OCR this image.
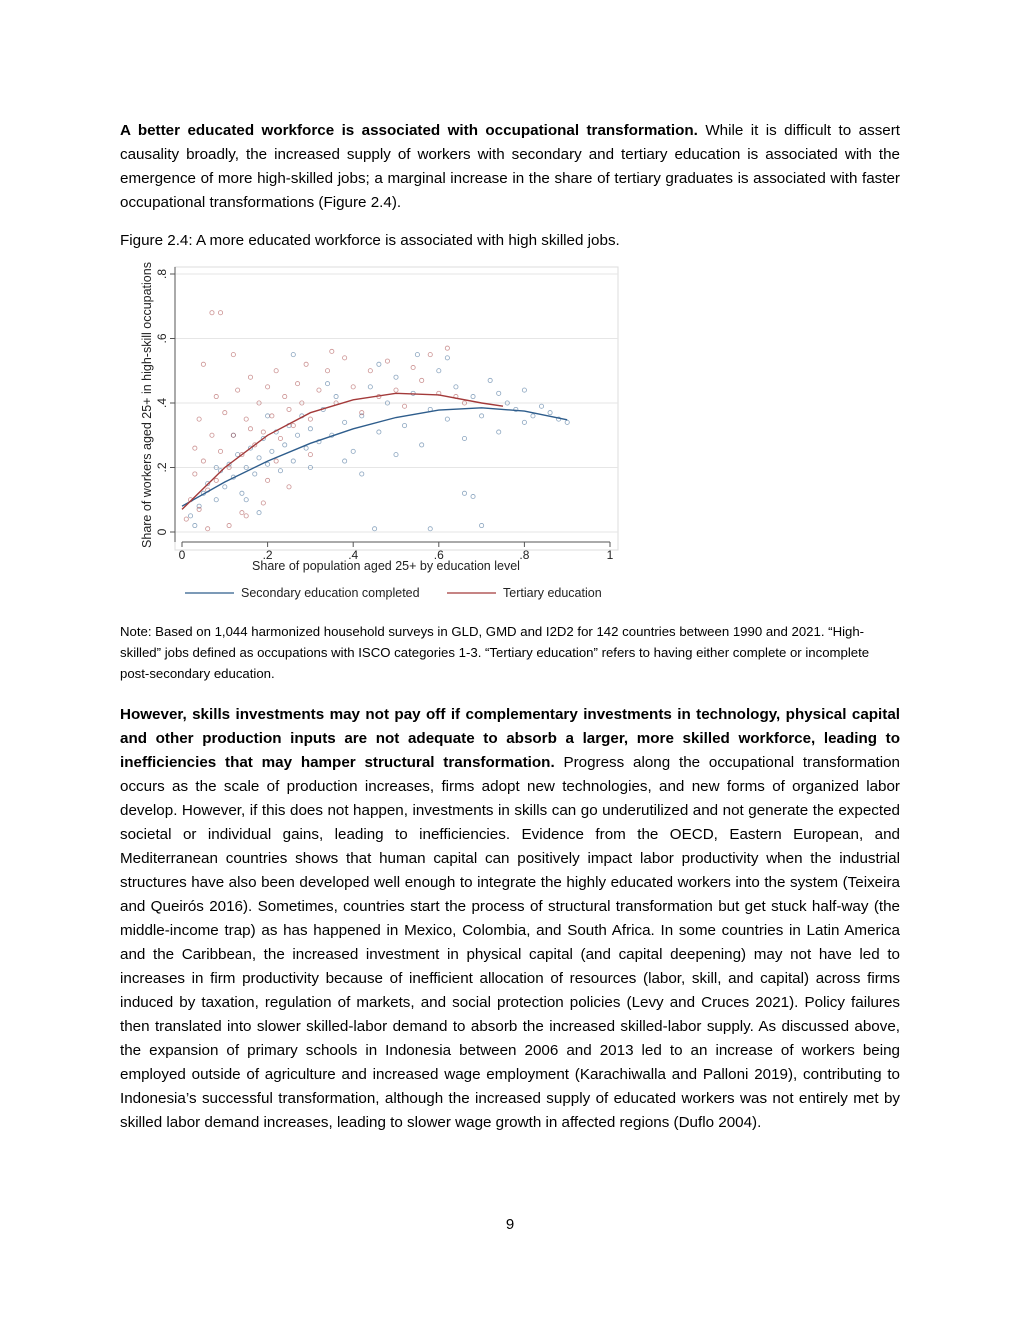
A better educated workforce is associated with occupational transformation. While it is difficult to assert causality broadly, the increased supply of workers with secondary and tertiary education is associated with the emergence of more high-skilled jobs; a marginal increase in the share of tertiary graduates is associated with faster occupational transformations (Figure 2.4).

Figure 2.4: A more educated workforce is associated with high skilled jobs.

0	.2	.4	.6	.8	1
0
.2
.4
.6
.8
Share of population aged 25+ by education level
Share of workers aged 25+ in high-skill occupations
Secondary education completed	Tertiary education

Note: Based on 1,044 harmonized household surveys in GLD, GMD and I2D2 for 142 countries between 1990 and 2021. “High-skilled” jobs defined as occupations with ISCO categories 1-3. “Tertiary education” refers to having either complete or incomplete post-secondary education.

However, skills investments may not pay off if complementary investments in technology, physical capital and other production inputs are not adequate to absorb a larger, more skilled workforce, leading to inefficiencies that may hamper structural transformation. Progress along the occupational transformation occurs as the scale of production increases, firms adopt new technologies, and new forms of organized labor develop. However, if this does not happen, investments in skills can go underutilized and not generate the expected societal or individual gains, leading to inefficiencies. Evidence from the OECD, Eastern European, and Mediterranean countries shows that human capital can positively impact labor productivity when the industrial structures have also been developed well enough to integrate the highly educated workers into the system (Teixeira and Queirós 2016). Sometimes, countries start the process of structural transformation but get stuck half-way (the middle-income trap) as has happened in Mexico, Colombia, and South Africa. In some countries in Latin America and the Caribbean, the increased investment in physical capital (and capital deepening) may not have led to increases in firm productivity because of inefficient allocation of resources (labor, skill, and capital) across firms induced by taxation, regulation of markets, and social protection policies (Levy and Cruces 2021). Policy failures then translated into slower skilled-labor demand to absorb the increased skilled-labor supply. As discussed above, the expansion of primary schools in Indonesia between 2006 and 2013 led to an increase of workers being employed outside of agriculture and increased wage employment (Karachiwalla and Palloni 2019), contributing to Indonesia’s successful transformation, although the increased supply of educated workers was not entirely met by skilled labor demand increases, leading to slower wage growth in affected regions (Duflo 2004).

9
